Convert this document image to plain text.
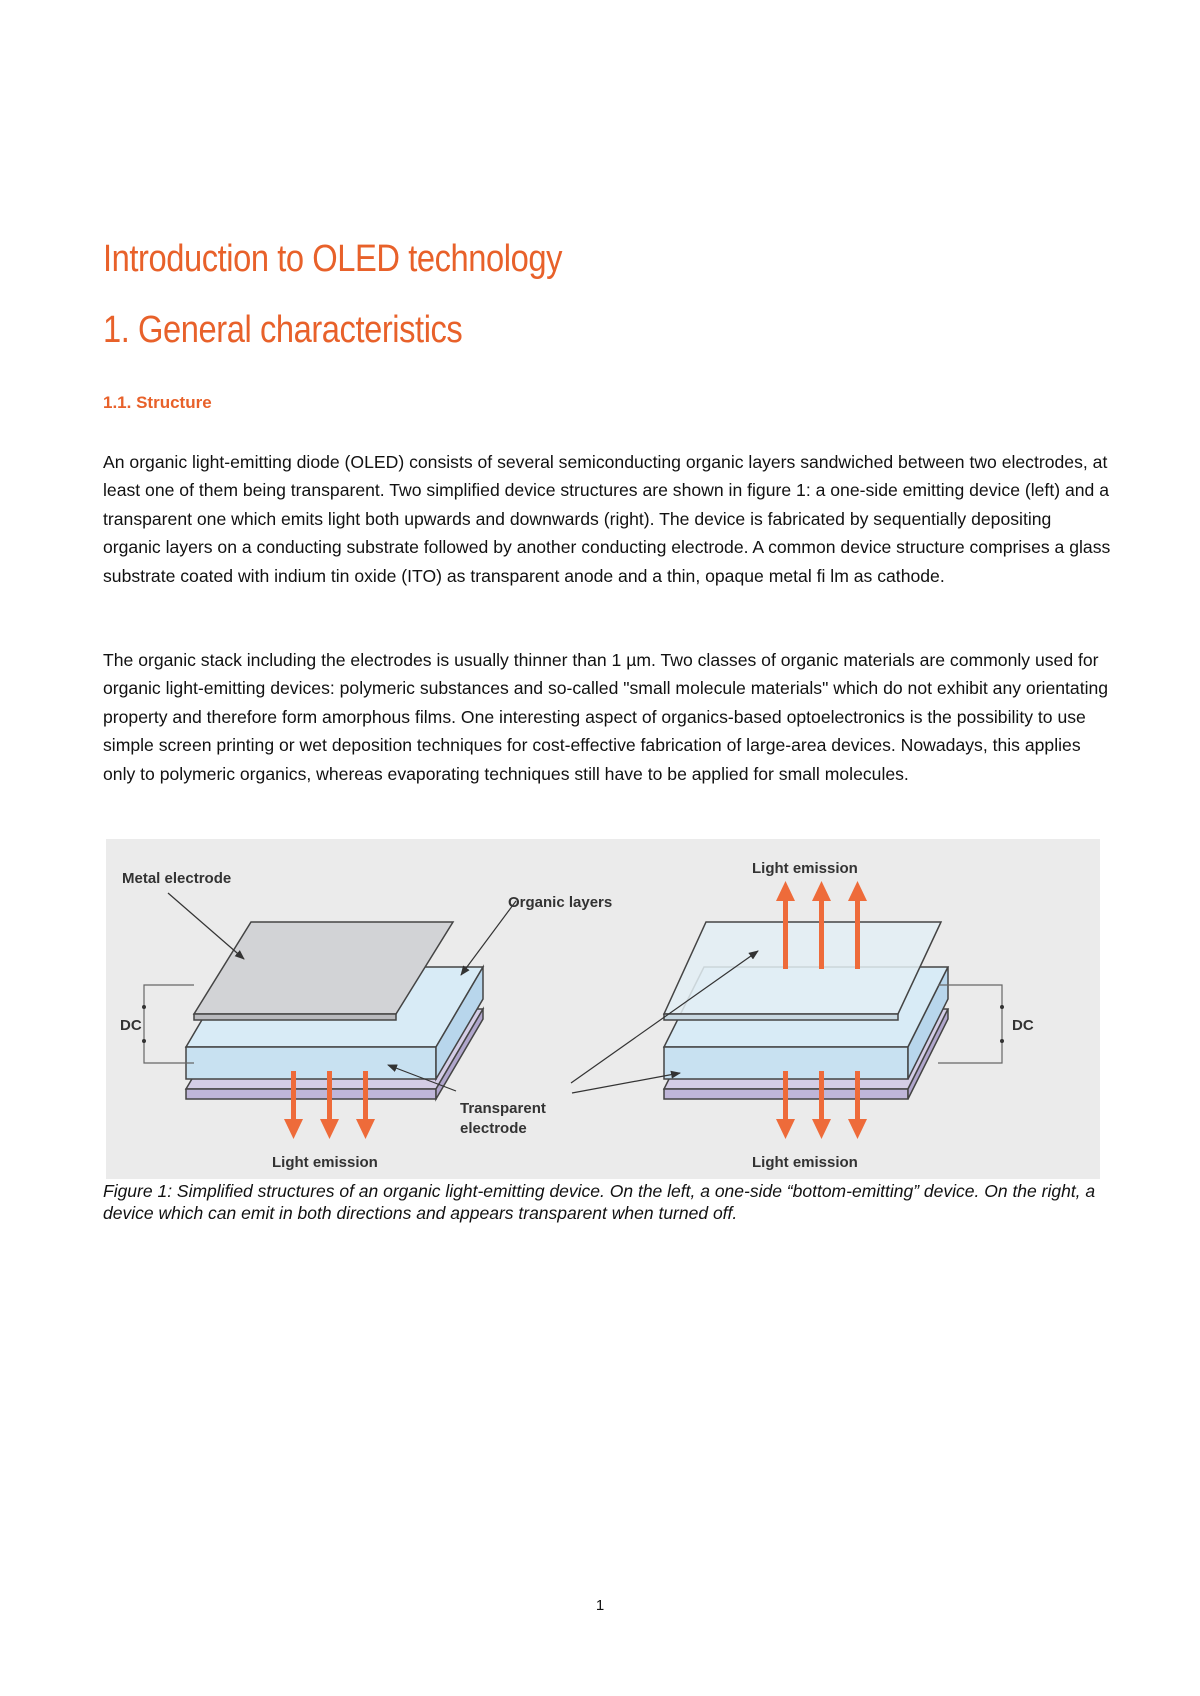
Introduction to OLED technology
1. General characteristics
1.1. Structure

An organic light-emitting diode (OLED) consists of several semiconducting organic layers sandwiched between two electrodes, at least one of them being transparent. Two simplified device structures are shown in figure 1: a one-side emitting device (left) and a transparent one which emits light both upwards and downwards (right). The device is fabricated by sequentially depositing organic layers on a conducting substrate followed by another conducting electrode. A common device structure comprises a glass substrate coated with indium tin oxide (ITO) as transparent anode and a thin, opaque metal fi lm as cathode.

The organic stack including the electrodes is usually thinner than 1 µm. Two classes of organic materials are commonly used for organic light-emitting devices: polymeric substances and so-called "small molecule materials" which do not exhibit any orientating property and therefore form amorphous films. One interesting aspect of organics-based optoelectronics is the possibility to use simple screen printing or wet deposition techniques for cost-effective fabrication of large-area devices. Nowadays, this applies only to polymeric organics, whereas evaporating techniques still have to be applied for small molecules.

Metal electrode
Organic layers
DC	DC
Transparent
electrode
Light emission
Light emission
Light emission

Figure 1: Simplified structures of an organic light-emitting device. On the left, a one-side “bottom-emitting” device. On the right, a device which can emit in both directions and appears transparent when turned off.

1
